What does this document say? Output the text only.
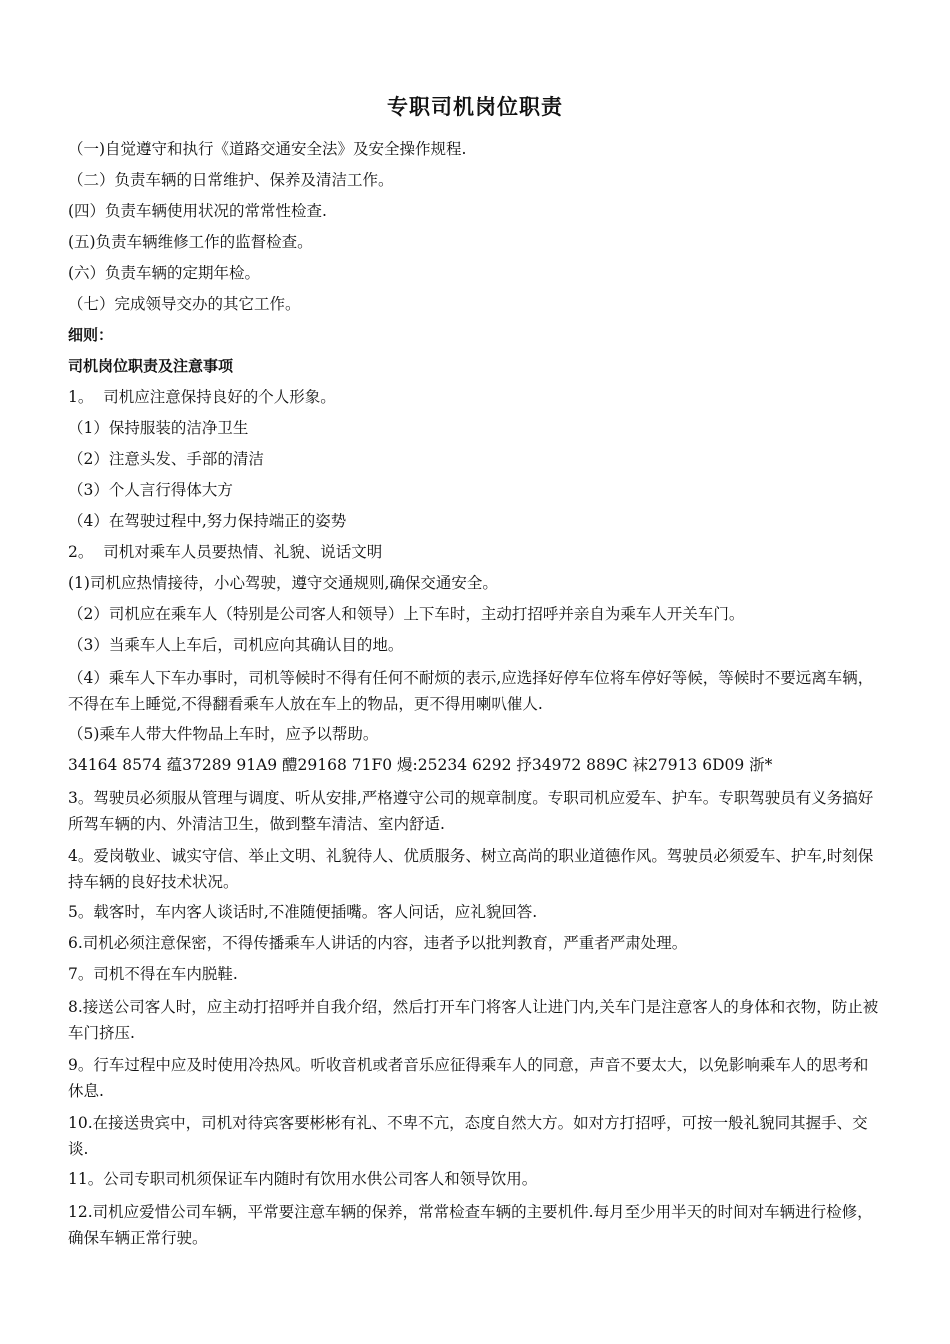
专职司机岗位职责
（一)自觉遵守和执行《道路交通安全法》及安全操作规程.
（二）负责车辆的日常维护、保养及清洁工作。
(四）负责车辆使用状况的常常性检查.
(五)负责车辆维修工作的监督检查。
(六）负责车辆的定期年检。
（七）完成领导交办的其它工作。
细则：
司机岗位职责及注意事项
1。  司机应注意保持良好的个人形象。
（1）保持服装的洁净卫生
（2）注意头发、手部的清洁
（3）个人言行得体大方
（4）在驾驶过程中,努力保持端正的姿势
2。  司机对乘车人员要热情、礼貌、说话文明
(1)司机应热情接待，小心驾驶，遵守交通规则,确保交通安全。
（2）司机应在乘车人（特别是公司客人和领导）上下车时，主动打招呼并亲自为乘车人开关车门。
（3）当乘车人上车后，司机应向其确认目的地。
（4）乘车人下车办事时，司机等候时不得有任何不耐烦的表示,应选择好停车位将车停好等候，等候时不要远离车辆，不得在车上睡觉,不得翻看乘车人放在车上的物品，更不得用喇叭催人.
（5)乘车人带大件物品上车时，应予以帮助。
34164 8574 蕴37289 91A9 醴29168 71F0 熳:25234 6292 抒34972 889C 袜27913 6D09 浙*
3。驾驶员必须服从管理与调度、听从安排,严格遵守公司的规章制度。专职司机应爱车、护车。专职驾驶员有义务搞好所驾车辆的内、外清洁卫生，做到整车清洁、室内舒适.
4。爱岗敬业、诚实守信、举止文明、礼貌待人、优质服务、树立高尚的职业道德作风。驾驶员必须爱车、护车,时刻保持车辆的良好技术状况。
5。载客时，车内客人谈话时,不准随便插嘴。客人问话，应礼貌回答.
6.司机必须注意保密，不得传播乘车人讲话的内容，违者予以批判教育，严重者严肃处理。
7。司机不得在车内脱鞋.
8.接送公司客人时，应主动打招呼并自我介绍，然后打开车门将客人让进门内,关车门是注意客人的身体和衣物，防止被车门挤压.
9。行车过程中应及时使用冷热风。听收音机或者音乐应征得乘车人的同意，声音不要太大，以免影响乘车人的思考和休息.
10.在接送贵宾中，司机对待宾客要彬彬有礼、不卑不亢，态度自然大方。如对方打招呼，可按一般礼貌同其握手、交谈.
11。公司专职司机须保证车内随时有饮用水供公司客人和领导饮用。
12.司机应爱惜公司车辆，平常要注意车辆的保养，常常检查车辆的主要机件.每月至少用半天的时间对车辆进行检修，确保车辆正常行驶。
